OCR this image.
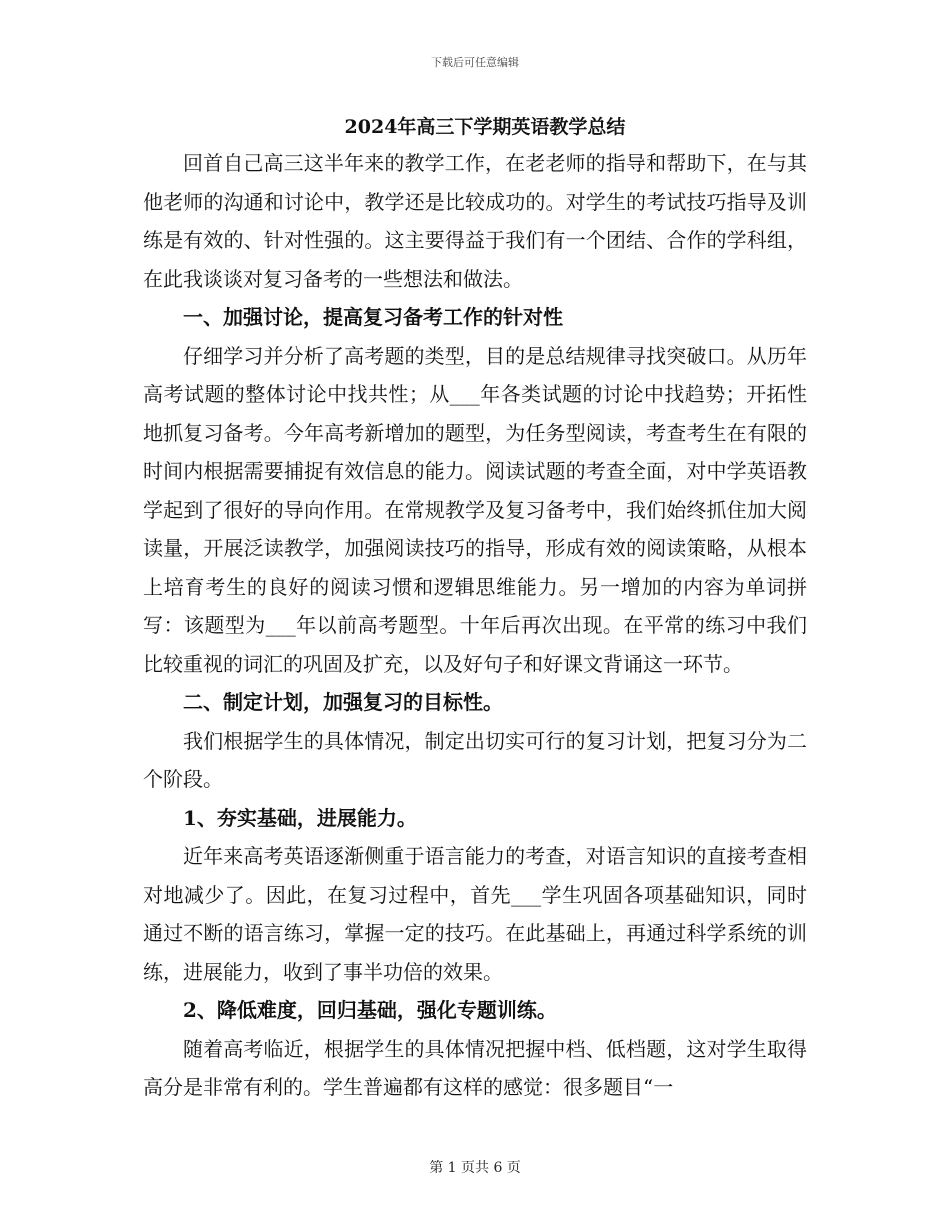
下载后可任意编辑
2024年高三下学期英语教学总结

回首自己高三这半年来的教学工作，在老老师的指导和帮助下，在与其他老师的沟通和讨论中，教学还是比较成功的。对学生的考试技巧指导及训练是有效的、针对性强的。这主要得益于我们有一个团结、合作的学科组，在此我谈谈对复习备考的一些想法和做法。

一、加强讨论，提高复习备考工作的针对性

仔细学习并分析了高考题的类型，目的是总结规律寻找突破口。从历年高考试题的整体讨论中找共性；从___年各类试题的讨论中找趋势；开拓性地抓复习备考。今年高考新增加的题型，为任务型阅读，考查考生在有限的时间内根据需要捕捉有效信息的能力。阅读试题的考查全面，对中学英语教学起到了很好的导向作用。在常规教学及复习备考中，我们始终抓住加大阅读量，开展泛读教学，加强阅读技巧的指导，形成有效的阅读策略，从根本上培育考生的良好的阅读习惯和逻辑思维能力。另一增加的内容为单词拼写：该题型为___年以前高考题型。十年后再次出现。在平常的练习中我们比较重视的词汇的巩固及扩充，以及好句子和好课文背诵这一环节。

二、制定计划，加强复习的目标性。

我们根据学生的具体情况，制定出切实可行的复习计划，把复习分为二个阶段。

1、夯实基础，进展能力。

近年来高考英语逐渐侧重于语言能力的考查，对语言知识的直接考查相对地减少了。因此，在复习过程中，首先___学生巩固各项基础知识，同时通过不断的语言练习，掌握一定的技巧。在此基础上，再通过科学系统的训练，进展能力，收到了事半功倍的效果。

2、降低难度，回归基础，强化专题训练。

随着高考临近，根据学生的具体情况把握中档、低档题，这对学生取得高分是非常有利的。学生普遍都有这样的感觉：很多题目“一

第 1 页共 6 页
